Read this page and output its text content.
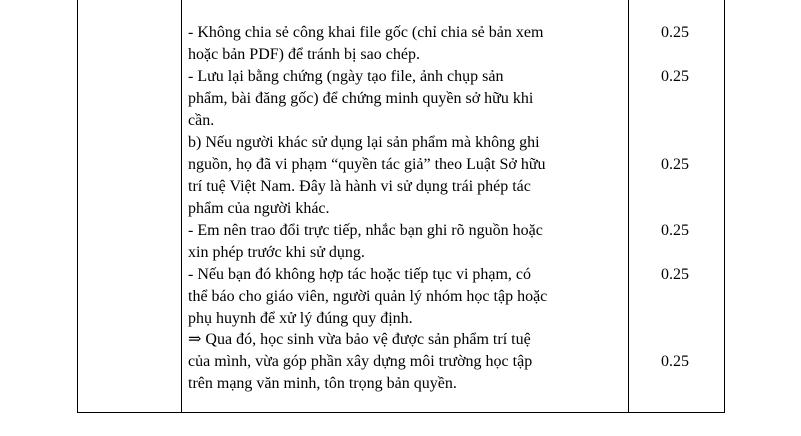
- Không chia sẻ công khai file gốc (chỉ chia sẻ bản xem
hoặc bản PDF) để tránh bị sao chép.
0.25
- Lưu lại bằng chứng (ngày tạo file, ảnh chụp sản
phẩm, bài đăng gốc) để chứng minh quyền sở hữu khi
cần.
0.25
b) Nếu người khác sử dụng lại sản phẩm mà không ghi
nguồn, họ đã vi phạm “quyền tác giả” theo Luật Sở hữu
trí tuệ Việt Nam. Đây là hành vi sử dụng trái phép tác
phẩm của người khác.
0.25
- Em nên trao đổi trực tiếp, nhắc bạn ghi rõ nguồn hoặc
xin phép trước khi sử dụng.
0.25
- Nếu bạn đó không hợp tác hoặc tiếp tục vi phạm, có
thể báo cho giáo viên, người quản lý nhóm học tập hoặc
phụ huynh để xử lý đúng quy định.
0.25
⇒ Qua đó, học sinh vừa bảo vệ được sản phẩm trí tuệ
của mình, vừa góp phần xây dựng môi trường học tập
trên mạng văn minh, tôn trọng bản quyền.
0.25
